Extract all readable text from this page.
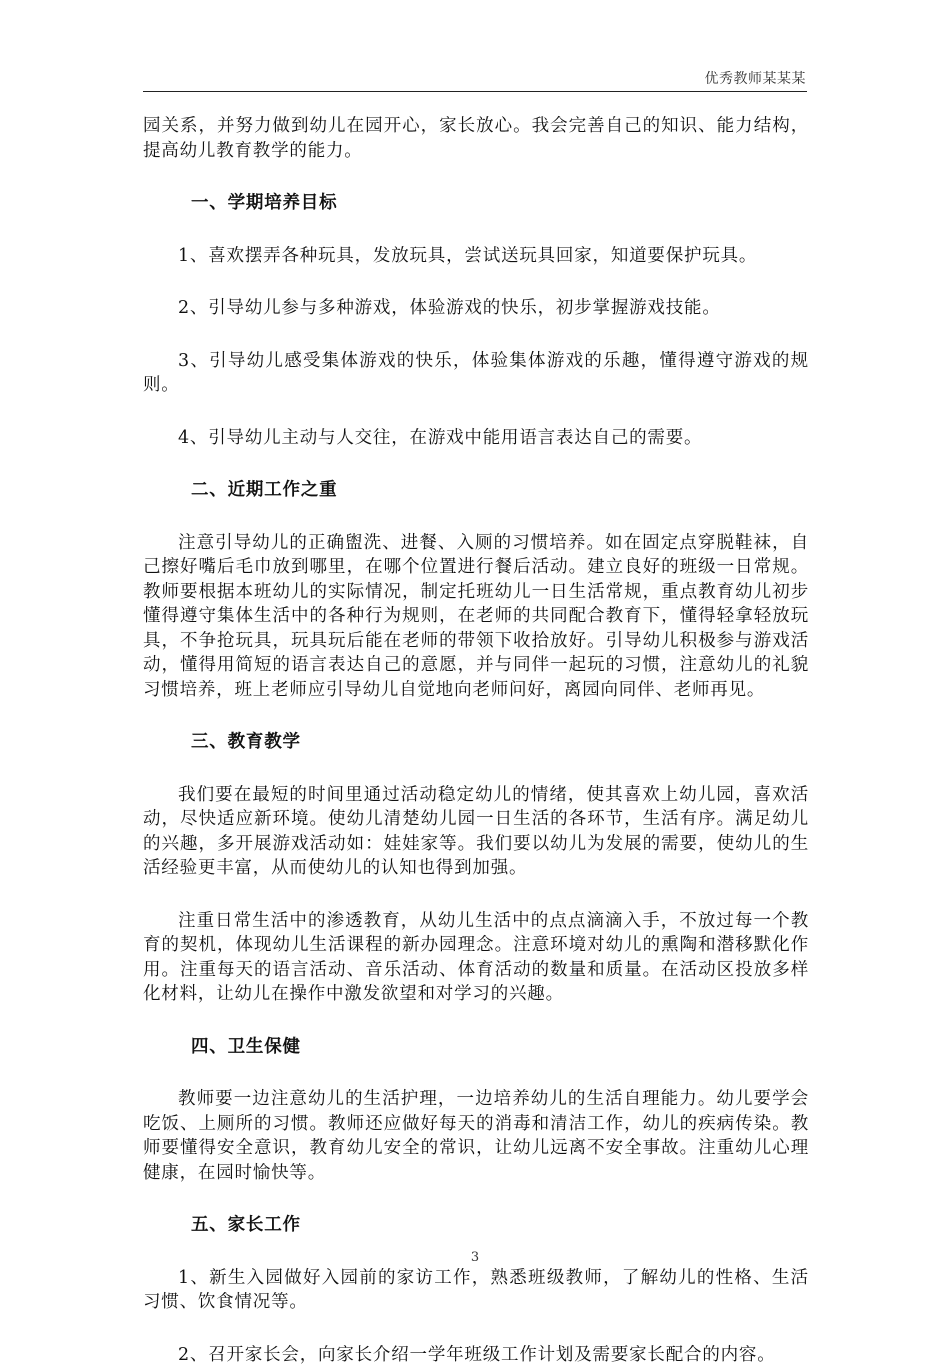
优秀教师某某某

园关系，并努力做到幼儿在园开心，家长放心。我会完善自己的知识、能力结构，提高幼儿教育教学的能力。

一、学期培养目标

1、喜欢摆弄各种玩具，发放玩具，尝试送玩具回家，知道要保护玩具。

2、引导幼儿参与多种游戏，体验游戏的快乐，初步掌握游戏技能。

3、引导幼儿感受集体游戏的快乐，体验集体游戏的乐趣，懂得遵守游戏的规则。

4、引导幼儿主动与人交往，在游戏中能用语言表达自己的需要。

二、近期工作之重

注意引导幼儿的正确盥洗、进餐、入厕的习惯培养。如在固定点穿脱鞋袜，自己擦好嘴后毛巾放到哪里，在哪个位置进行餐后活动。建立良好的班级一日常规。教师要根据本班幼儿的实际情况，制定托班幼儿一日生活常规，重点教育幼儿初步懂得遵守集体生活中的各种行为规则，在老师的共同配合教育下，懂得轻拿轻放玩具，不争抢玩具，玩具玩后能在老师的带领下收拾放好。引导幼儿积极参与游戏活动，懂得用简短的语言表达自己的意愿，并与同伴一起玩的习惯，注意幼儿的礼貌习惯培养，班上老师应引导幼儿自觉地向老师问好，离园向同伴、老师再见。

三、教育教学

我们要在最短的时间里通过活动稳定幼儿的情绪，使其喜欢上幼儿园，喜欢活动，尽快适应新环境。使幼儿清楚幼儿园一日生活的各环节，生活有序。满足幼儿的兴趣，多开展游戏活动如：娃娃家等。我们要以幼儿为发展的需要，使幼儿的生活经验更丰富，从而使幼儿的认知也得到加强。

注重日常生活中的渗透教育，从幼儿生活中的点点滴滴入手，不放过每一个教育的契机，体现幼儿生活课程的新办园理念。注意环境对幼儿的熏陶和潜移默化作用。注重每天的语言活动、音乐活动、体育活动的数量和质量。在活动区投放多样化材料，让幼儿在操作中激发欲望和对学习的兴趣。

四、卫生保健

教师要一边注意幼儿的生活护理，一边培养幼儿的生活自理能力。幼儿要学会吃饭、上厕所的习惯。教师还应做好每天的消毒和清洁工作，幼儿的疾病传染。教师要懂得安全意识，教育幼儿安全的常识，让幼儿远离不安全事故。注重幼儿心理健康，在园时愉快等。

五、家长工作

1、新生入园做好入园前的家访工作，熟悉班级教师，了解幼儿的性格、生活习惯、饮食情况等。

2、召开家长会，向家长介绍一学年班级工作计划及需要家长配合的内容。

3
